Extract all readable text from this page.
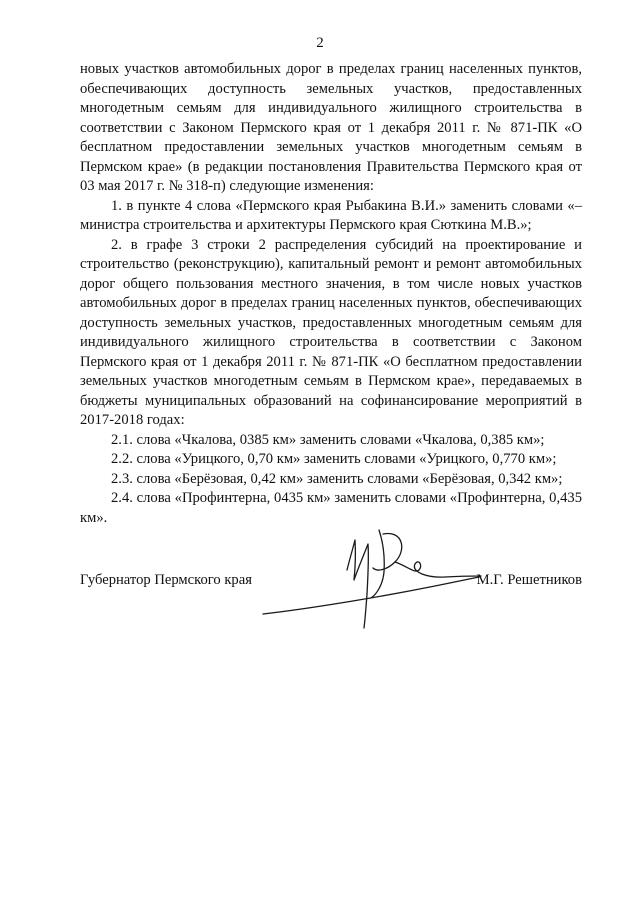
2

новых участков автомобильных дорог в пределах границ населенных пунктов, обеспечивающих доступность земельных участков, предоставленных многодетным семьям для индивидуального жилищного строительства в соответствии с Законом Пермского края от 1 декабря 2011 г. № 871-ПК «О бесплатном предоставлении земельных участков многодетным семьям в Пермском крае» (в редакции постановления Правительства Пермского края от 03 мая 2017 г. № 318-п) следующие изменения:

1. в пункте 4 слова «Пермского края Рыбакина В.И.» заменить словами «– министра строительства и архитектуры Пермского края Сюткина М.В.»;

2. в графе 3 строки 2 распределения субсидий на проектирование и строительство (реконструкцию), капитальный ремонт и ремонт автомобильных дорог общего пользования местного значения, в том числе новых участков автомобильных дорог в пределах границ населенных пунктов, обеспечивающих доступность земельных участков, предоставленных многодетным семьям для индивидуального жилищного строительства в соответствии с Законом Пермского края от 1 декабря 2011 г. № 871-ПК «О бесплатном предоставлении земельных участков многодетным семьям в Пермском крае», передаваемых в бюджеты муниципальных образований на софинансирование мероприятий в 2017-2018 годах:

2.1. слова «Чкалова, 0385 км» заменить словами «Чкалова, 0,385 км»;

2.2. слова «Урицкого, 0,70 км» заменить словами «Урицкого, 0,770 км»;

2.3. слова «Берёзовая, 0,42 км» заменить словами «Берёзовая, 0,342 км»;

2.4. слова «Профинтерна, 0435 км» заменить словами «Профинтерна, 0,435 км».

Губернатор Пермского края	М.Г. Решетников
